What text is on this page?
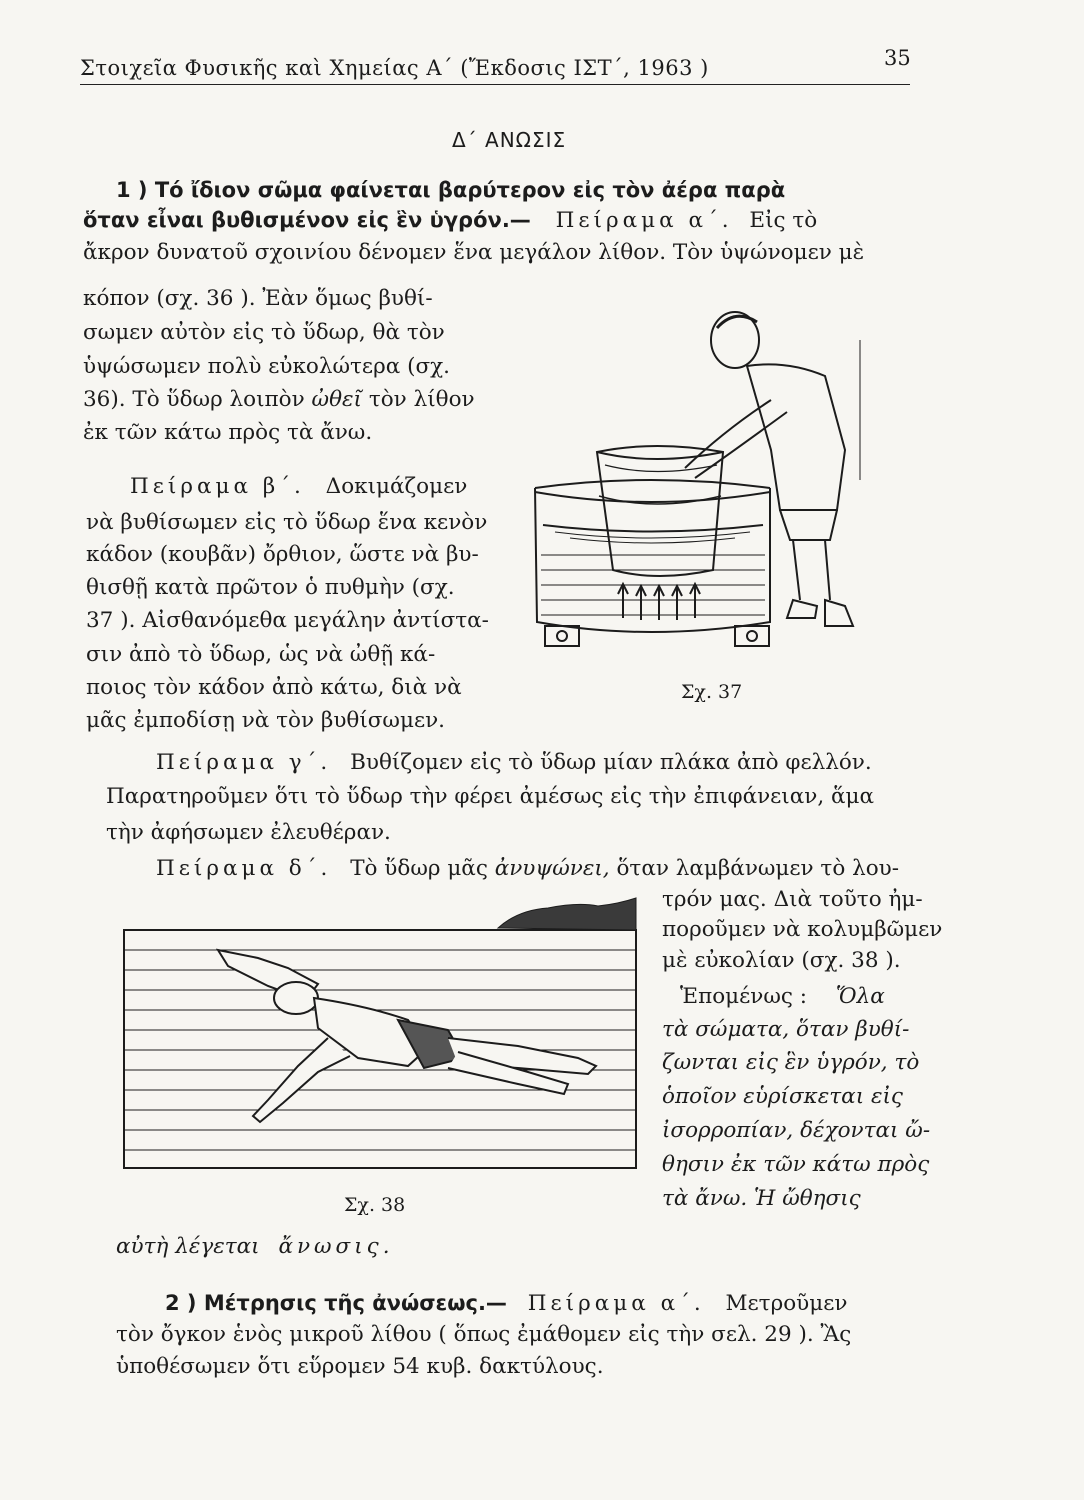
Στοιχεῖα Φυσικῆς καὶ Χημείας Α΄ (Ἔκδοσις ΙΣΤ΄, 1963 )	35
Δ΄ ΑΝΩΣΙΣ
1 ) Τό ἴδιον σῶμα φαίνεται βαρύτερον εἰς τὸν ἀέρα παρὰ
ὅταν εἶναι βυθισμένον εἰς ἓν ὑγρόν.— Πείραμα α΄. Εἰς τὸ
ἄκρον δυνατοῦ σχοινίου δένομεν ἕνα μεγάλον λίθον. Τὸν ὑψώνομεν μὲ
κόπον (σχ. 36 ). Ἐὰν ὅμως βυθί-
σωμεν αὐτὸν εἰς τὸ ὕδωρ, θὰ τὸν
ὑψώσωμεν πολὺ εὐκολώτερα (σχ.
36). Τὸ ὕδωρ λοιπὸν ὠθεῖ τὸν λίθον
ἐκ τῶν κάτω πρὸς τὰ ἄνω.
Πείραμα β΄. Δοκιμάζομεν
νὰ βυθίσωμεν εἰς τὸ ὕδωρ ἕνα κενὸν
κάδον (κουβᾶν) ὄρθιον, ὥστε νὰ βυ-
θισθῇ κατὰ πρῶτον ὁ πυθμὴν (σχ.
37 ). Αἰσθανόμεθα μεγάλην ἀντίστα-
σιν ἀπὸ τὸ ὕδωρ, ὡς νὰ ὠθῇ κά-
ποιος τὸν κάδον ἀπὸ κάτω, διὰ νὰ
μᾶς ἐμποδίσῃ νὰ τὸν βυθίσωμεν.
Σχ. 37
Πείραμα γ΄. Βυθίζομεν εἰς τὸ ὕδωρ μίαν πλάκα ἀπὸ φελλόν.
Παρατηροῦμεν ὅτι τὸ ὕδωρ τὴν φέρει ἀμέσως εἰς τὴν ἐπιφάνειαν, ἅμα
τὴν ἀφήσωμεν ἐλευθέραν.
Πείραμα δ΄. Τὸ ὕδωρ μᾶς ἀνυψώνει, ὅταν λαμβάνωμεν τὸ λου-
τρόν μας. Διὰ τοῦτο ἠμ-
ποροῦμεν νὰ κολυμβῶμεν
μὲ εὐκολίαν (σχ. 38 ).
Ἑπομένως : Ὅλα
τὰ σώματα, ὅταν βυθί-
ζωνται εἰς ἓν ὑγρόν, τὸ
ὁποῖον εὑρίσκεται εἰς
ἰσορροπίαν, δέχονται ὤ-
θησιν ἐκ τῶν κάτω πρὸς
τὰ ἄνω. Ἡ ὤθησις
αὐτὴ λέγεται ἄνωσις.
Σχ. 38
2 ) Μέτρησις τῆς ἀνώσεως.— Πείραμα α΄. Μετροῦμεν
τὸν ὄγκον ἑνὸς μικροῦ λίθου ( ὅπως ἐμάθομεν εἰς τὴν σελ. 29 ). Ἂς
ὑποθέσωμεν ὅτι εὕρομεν 54 κυβ. δακτύλους.
